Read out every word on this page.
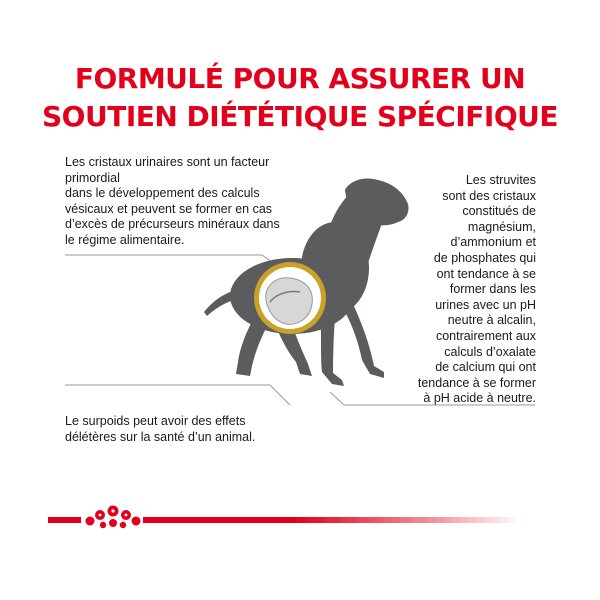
FORMULÉ POUR ASSURER UN
SOUTIEN DIÉTÉTIQUE SPÉCIFIQUE
Les cristaux urinaires sont un facteur
primordial
dans le développement des calculs
vésicaux et peuvent se former en cas
d’excès de précurseurs minéraux dans
le régime alimentaire.
Les struvites
sont des cristaux
constitués de
magnésium,
d’ammonium et
de phosphates qui
ont tendance à se
former dans les
urines avec un pH
neutre à alcalin,
contrairement aux
calculs d’oxalate
de calcium qui ont
tendance à se former
à pH acide à neutre.
Le surpoids peut avoir des effets
délétères sur la santé d’un animal.
